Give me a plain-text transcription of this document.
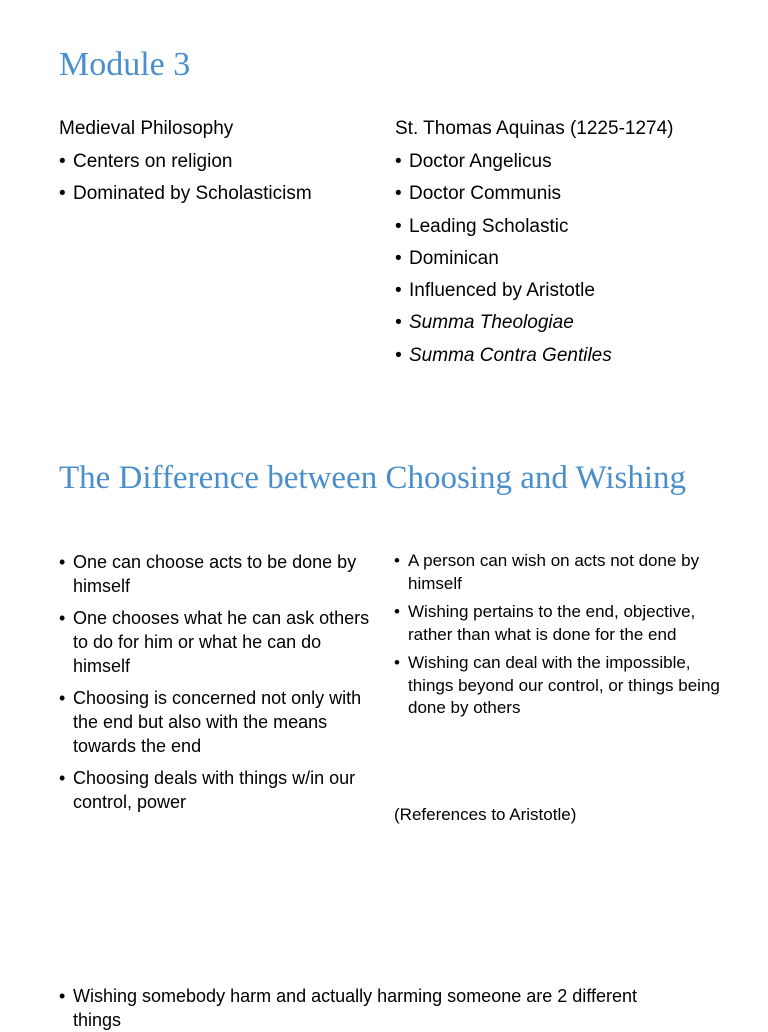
Module 3

Medieval Philosophy

• Centers on religion
• Dominated by Scholasticism

St. Thomas Aquinas (1225-1274)

• Doctor Angelicus
• Doctor Communis
• Leading Scholastic
• Dominican
• Influenced by Aristotle
• Summa Theologiae
• Summa Contra Gentiles
The Difference between Choosing and Wishing
• One can choose acts to be done by himself
• One chooses what he can ask others to do for him or what he can do himself
• Choosing is concerned not only with the end but also with the means towards the end
• Choosing deals with things w/in our control, power
• A person can wish on acts not done by himself
• Wishing pertains to the end, objective, rather than what is done for the end
• Wishing can deal with the impossible, things beyond our control, or things being done by others

(References to Aristotle)

• Wishing somebody harm and actually harming someone are 2 different things
